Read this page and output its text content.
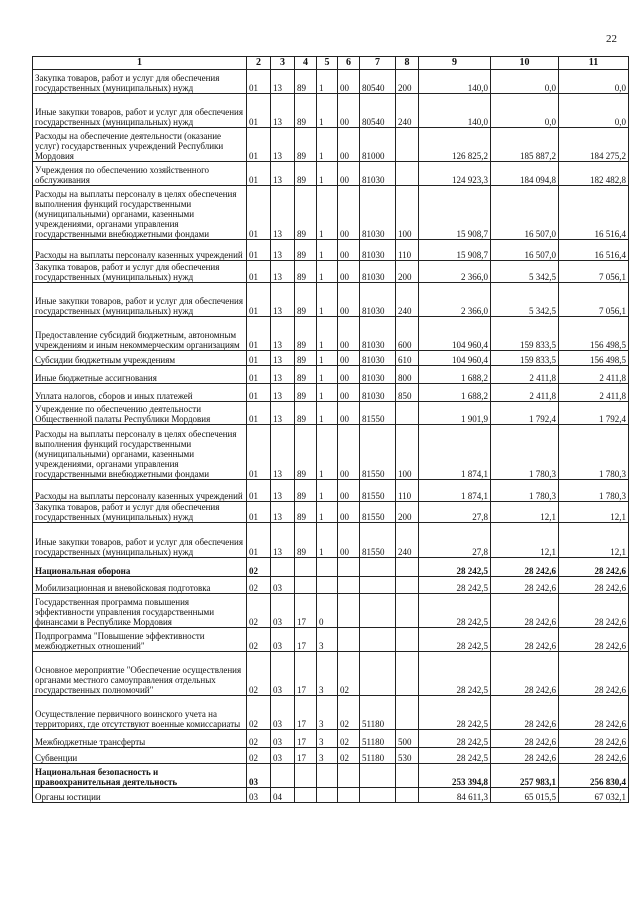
22
1	2	3	4	5	6	7	8	9	10	11
Закупка товаров, работ и услуг для обеспечения государственных (муниципальных) нужд	01	13	89	1	00	80540	200	140,0	0,0	0,0
Иные закупки товаров, работ и услуг для обеспечения государственных (муниципальных) нужд	01	13	89	1	00	80540	240	140,0	0,0	0,0
Расходы на обеспечение деятельности (оказание услуг) государственных учреждений Республики Мордовия	01	13	89	1	00	81000		126 825,2	185 887,2	184 275,2
Учреждения по обеспечению хозяйственного обслуживания	01	13	89	1	00	81030		124 923,3	184 094,8	182 482,8
Расходы на выплаты персоналу в целях обеспечения выполнения функций государственными (муниципальными) органами, казенными учреждениями, органами управления государственными внебюджетными фондами	01	13	89	1	00	81030	100	15 908,7	16 507,0	16 516,4
Расходы на выплаты персоналу казенных учреждений	01	13	89	1	00	81030	110	15 908,7	16 507,0	16 516,4
Закупка товаров, работ и услуг для обеспечения государственных (муниципальных) нужд	01	13	89	1	00	81030	200	2 366,0	5 342,5	7 056,1
Иные закупки товаров, работ и услуг для обеспечения государственных (муниципальных) нужд	01	13	89	1	00	81030	240	2 366,0	5 342,5	7 056,1
Предоставление субсидий бюджетным, автономным учреждениям и иным некоммерческим организациям	01	13	89	1	00	81030	600	104 960,4	159 833,5	156 498,5
Субсидии бюджетным учреждениям	01	13	89	1	00	81030	610	104 960,4	159 833,5	156 498,5
Иные бюджетные ассигнования	01	13	89	1	00	81030	800	1 688,2	2 411,8	2 411,8
Уплата налогов, сборов и иных платежей	01	13	89	1	00	81030	850	1 688,2	2 411,8	2 411,8
Учреждение по обеспечению деятельности Общественной палаты Республики Мордовия	01	13	89	1	00	81550		1 901,9	1 792,4	1 792,4
Расходы на выплаты персоналу в целях обеспечения выполнения функций государственными (муниципальными) органами, казенными учреждениями, органами управления государственными внебюджетными фондами	01	13	89	1	00	81550	100	1 874,1	1 780,3	1 780,3
Расходы на выплаты персоналу казенных учреждений	01	13	89	1	00	81550	110	1 874,1	1 780,3	1 780,3
Закупка товаров, работ и услуг для обеспечения государственных (муниципальных) нужд	01	13	89	1	00	81550	200	27,8	12,1	12,1
Иные закупки товаров, работ и услуг для обеспечения государственных (муниципальных) нужд	01	13	89	1	00	81550	240	27,8	12,1	12,1
Национальная оборона	02							28 242,5	28 242,6	28 242,6
Мобилизационная и вневойсковая подготовка	02	03						28 242,5	28 242,6	28 242,6
Государственная программа повышения эффективности управления государственными финансами в Республике Мордовия	02	03	17	0				28 242,5	28 242,6	28 242,6
Подпрограмма "Повышение эффективности межбюджетных отношений"	02	03	17	3				28 242,5	28 242,6	28 242,6
Основное мероприятие "Обеспечение осуществления органами местного самоуправления отдельных государственных полномочий"	02	03	17	3	02			28 242,5	28 242,6	28 242,6
Осуществление первичного воинского учета на территориях, где отсутствуют военные комиссариаты	02	03	17	3	02	51180		28 242,5	28 242,6	28 242,6
Межбюджетные трансферты	02	03	17	3	02	51180	500	28 242,5	28 242,6	28 242,6
Субвенции	02	03	17	3	02	51180	530	28 242,5	28 242,6	28 242,6
Национальная безопасность и правоохранительная деятельность	03							253 394,8	257 983,1	256 830,4
Органы юстиции	03	04						84 611,3	65 015,5	67 032,1
